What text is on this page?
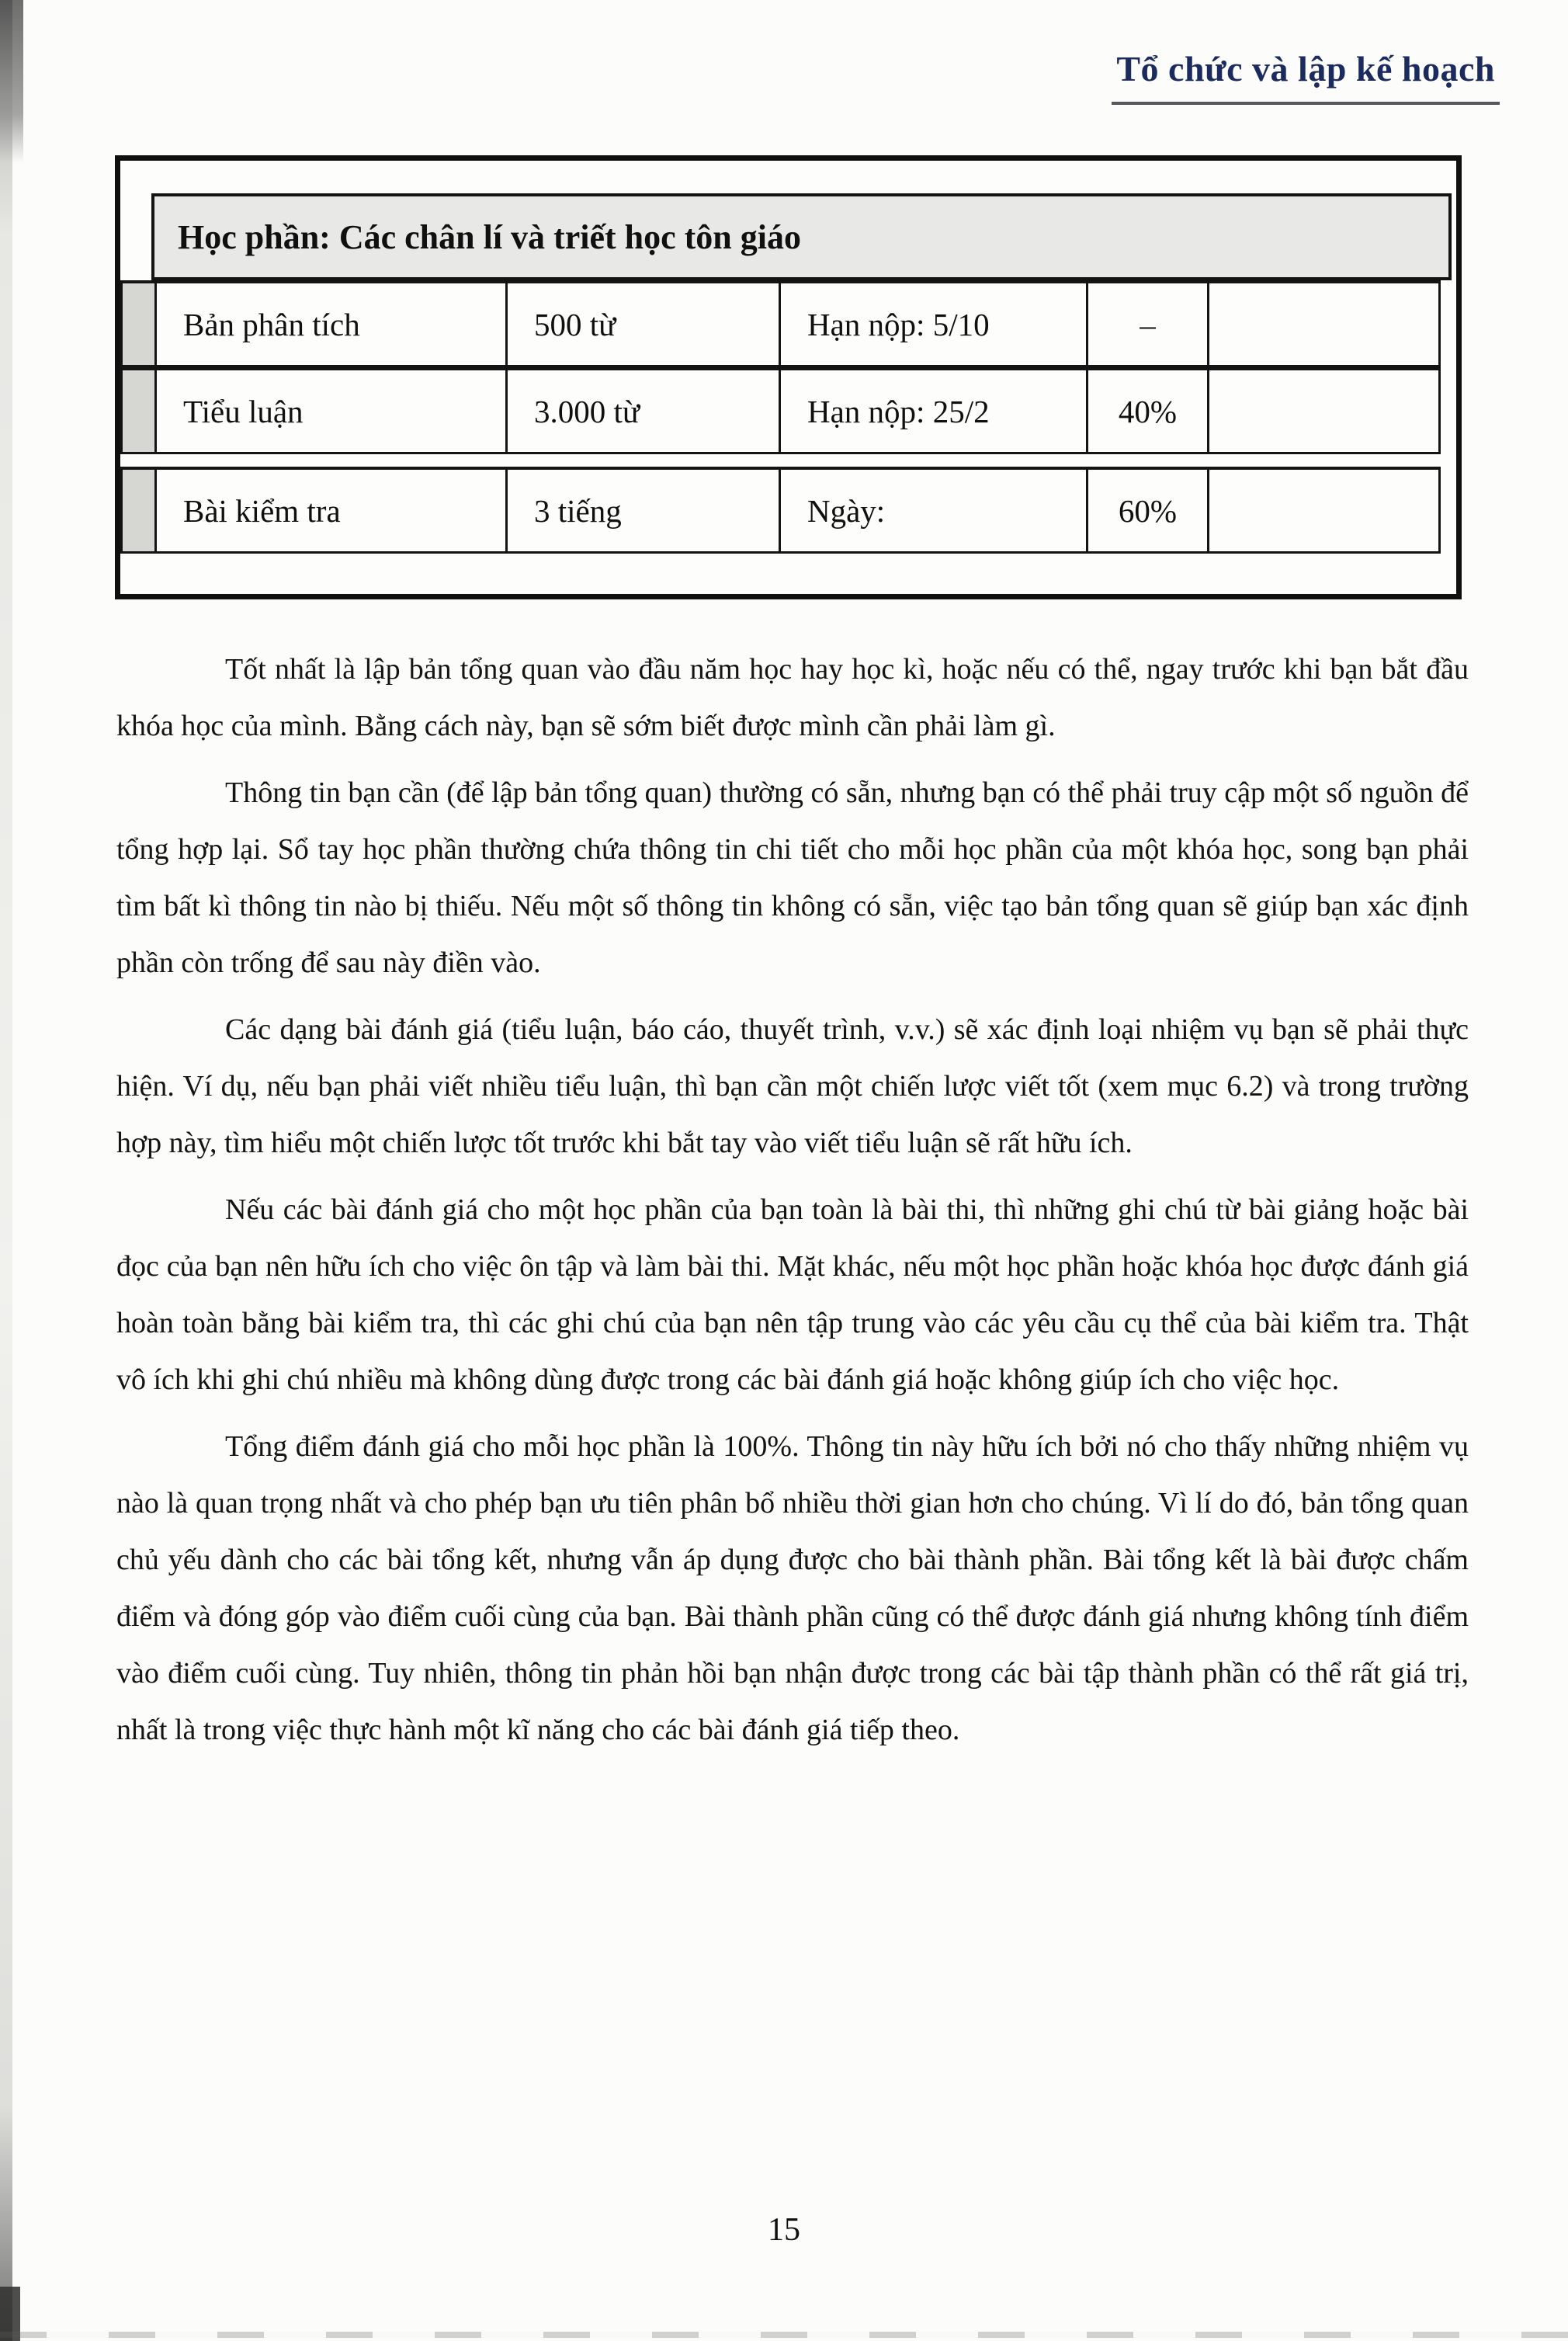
Tổ chức và lập kế hoạch
Học phần: Các chân lí và triết học tôn giáo
Bản phân tích	500 từ	Hạn nộp: 5/10	–
Tiểu luận	3.000 từ	Hạn nộp: 25/2	40%
Bài kiểm tra	3 tiếng	Ngày:	60%

Tốt nhất là lập bản tổng quan vào đầu năm học hay học kì, hoặc nếu có thể, ngay trước khi bạn bắt đầu khóa học của mình. Bằng cách này, bạn sẽ sớm biết được mình cần phải làm gì.

Thông tin bạn cần (để lập bản tổng quan) thường có sẵn, nhưng bạn có thể phải truy cập một số nguồn để tổng hợp lại. Sổ tay học phần thường chứa thông tin chi tiết cho mỗi học phần của một khóa học, song bạn phải tìm bất kì thông tin nào bị thiếu. Nếu một số thông tin không có sẵn, việc tạo bản tổng quan sẽ giúp bạn xác định phần còn trống để sau này điền vào.

Các dạng bài đánh giá (tiểu luận, báo cáo, thuyết trình, v.v.) sẽ xác định loại nhiệm vụ bạn sẽ phải thực hiện. Ví dụ, nếu bạn phải viết nhiều tiểu luận, thì bạn cần một chiến lược viết tốt (xem mục 6.2) và trong trường hợp này, tìm hiểu một chiến lược tốt trước khi bắt tay vào viết tiểu luận sẽ rất hữu ích.

Nếu các bài đánh giá cho một học phần của bạn toàn là bài thi, thì những ghi chú từ bài giảng hoặc bài đọc của bạn nên hữu ích cho việc ôn tập và làm bài thi. Mặt khác, nếu một học phần hoặc khóa học được đánh giá hoàn toàn bằng bài kiểm tra, thì các ghi chú của bạn nên tập trung vào các yêu cầu cụ thể của bài kiểm tra. Thật vô ích khi ghi chú nhiều mà không dùng được trong các bài đánh giá hoặc không giúp ích cho việc học.

Tổng điểm đánh giá cho mỗi học phần là 100%. Thông tin này hữu ích bởi nó cho thấy những nhiệm vụ nào là quan trọng nhất và cho phép bạn ưu tiên phân bổ nhiều thời gian hơn cho chúng. Vì lí do đó, bản tổng quan chủ yếu dành cho các bài tổng kết, nhưng vẫn áp dụng được cho bài thành phần. Bài tổng kết là bài được chấm điểm và đóng góp vào điểm cuối cùng của bạn. Bài thành phần cũng có thể được đánh giá nhưng không tính điểm vào điểm cuối cùng. Tuy nhiên, thông tin phản hồi bạn nhận được trong các bài tập thành phần có thể rất giá trị, nhất là trong việc thực hành một kĩ năng cho các bài đánh giá tiếp theo.

15
